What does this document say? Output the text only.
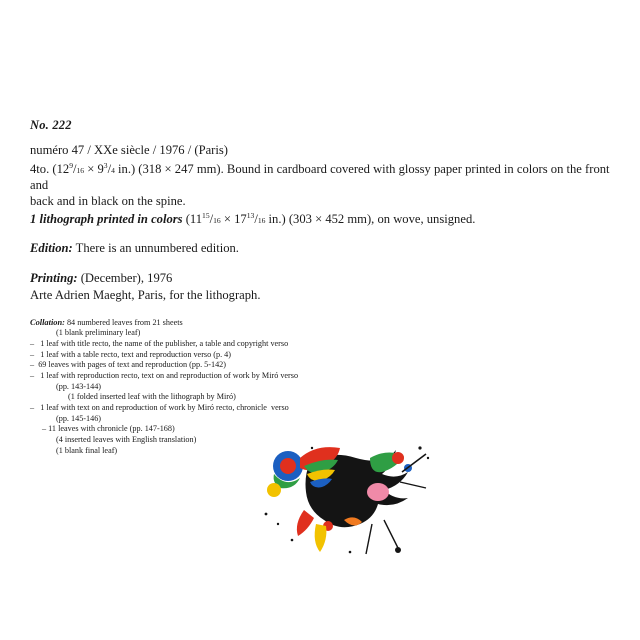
No. 222
numéro 47 / XXe siècle / 1976 / (Paris)
4to. ($12^9/16 \times 9^3/4$ in.) (318 × 247 mm). Bound in cardboard covered with glossy paper printed in colors on the front and
back and in black on the spine.
1 lithograph printed in colors ($11^{15}/16 \times 17^{13}/16$ in.) (303 × 452 mm), on wove, unsigned.
Edition: There is an unnumbered edition.
Printing: (December), 1976
Arte Adrien Maeght, Paris, for the lithograph.
Collation: 84 numbered leaves from 21 sheets
(1 blank preliminary leaf)
–   1 leaf with title recto, the name of the publisher, a table and copyright verso
–   1 leaf with a table recto, text and reproduction verso (p. 4)
–  69 leaves with pages of text and reproduction (pp. 5-142)
–   1 leaf with reproduction recto, text on and reproduction of work by Miró verso
(pp. 143-144)
(1 folded inserted leaf with the lithograph by Miró)
–   1 leaf with text on and reproduction of work by Miró recto, chronicle  verso
(pp. 145-146)
– 11 leaves with chronicle (pp. 147-168)
(4 inserted leaves with English translation)
(1 blank final leaf)
